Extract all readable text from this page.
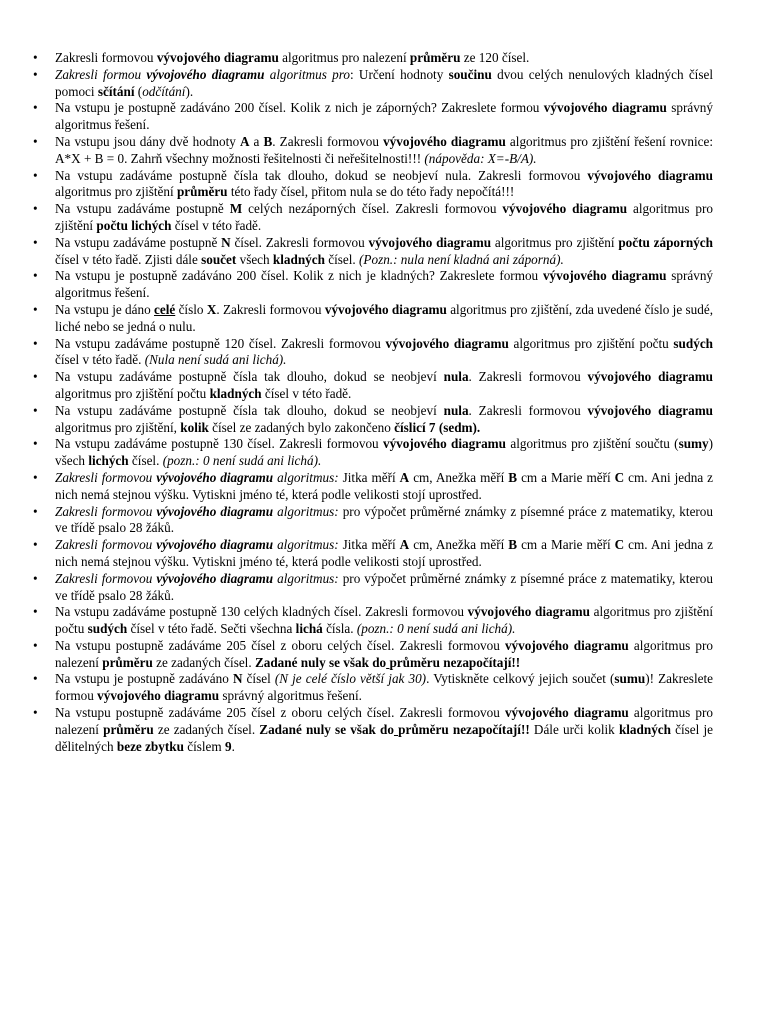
• Zakresli formovou vývojového diagramu algoritmus pro nalezení průměru ze 120 čísel.
• Zakresli formou vývojového diagramu algoritmus pro: Určení hodnoty součinu dvou celých nenulových kladných čísel pomoci sčítání (odčítání).
• Na vstupu je postupně zadáváno 200 čísel. Kolik z nich je záporných? Zakreslete formou vývojového diagramu správný algoritmus řešení.
• Na vstupu jsou dány dvě hodnoty A a B. Zakresli formovou vývojového diagramu algoritmus pro zjištění řešení rovnice: A*X + B = 0. Zahrň všechny možnosti řešitelnosti či neřešitelnosti!!! (nápověda: X=-B/A).
• Na vstupu zadáváme postupně čísla tak dlouho, dokud se neobjeví nula. Zakresli formovou vývojového diagramu algoritmus pro zjištění průměru této řady čísel, přitom nula se do této řady nepočítá!!!
• Na vstupu zadáváme postupně M celých nezáporných čísel. Zakresli formovou vývojového diagramu algoritmus pro zjištění počtu lichých čísel v této řadě.
• Na vstupu zadáváme postupně N čísel. Zakresli formovou vývojového diagramu algoritmus pro zjištění počtu záporných čísel v této řadě. Zjisti dále součet všech kladných čísel. (Pozn.: nula není kladná ani záporná).
• Na vstupu je postupně zadáváno 200 čísel. Kolik z nich je kladných? Zakreslete formou vývojového diagramu správný algoritmus řešení.
• Na vstupu je dáno celé číslo X. Zakresli formovou vývojového diagramu algoritmus pro zjištění, zda uvedené číslo je sudé, liché nebo se jedná o nulu.
• Na vstupu zadáváme postupně 120 čísel. Zakresli formovou vývojového diagramu algoritmus pro zjištění počtu sudých čísel v této řadě. (Nula není sudá ani lichá).
• Na vstupu zadáváme postupně čísla tak dlouho, dokud se neobjeví nula. Zakresli formovou vývojového diagramu algoritmus pro zjištění počtu kladných čísel v této řadě.
• Na vstupu zadáváme postupně čísla tak dlouho, dokud se neobjeví nula. Zakresli formovou vývojového diagramu algoritmus pro zjištění, kolik čísel ze zadaných bylo zakončeno číslicí 7 (sedm).
• Na vstupu zadáváme postupně 130 čísel. Zakresli formovou vývojového diagramu algoritmus pro zjištění součtu (sumy) všech lichých čísel. (pozn.: 0 není sudá ani lichá).
• Zakresli formovou vývojového diagramu algoritmus: Jitka měří A cm, Anežka měří B cm a Marie měří C cm. Ani jedna z nich nemá stejnou výšku. Vytiskni jméno té, která podle velikosti stojí uprostřed.
• Zakresli formovou vývojového diagramu algoritmus: pro výpočet průměrné známky z písemné práce z matematiky, kterou ve třídě psalo 28 žáků.
• Zakresli formovou vývojového diagramu algoritmus: Jitka měří A cm, Anežka měří B cm a Marie měří C cm. Ani jedna z nich nemá stejnou výšku. Vytiskni jméno té, která podle velikosti stojí uprostřed.
• Zakresli formovou vývojového diagramu algoritmus: pro výpočet průměrné známky z písemné práce z matematiky, kterou ve třídě psalo 28 žáků.
• Na vstupu zadáváme postupně 130 celých kladných čísel. Zakresli formovou vývojového diagramu algoritmus pro zjištění počtu sudých čísel v této řadě. Sečti všechna lichá čísla. (pozn.: 0 není sudá ani lichá).
• Na vstupu postupně zadáváme 205 čísel z oboru celých čísel. Zakresli formovou vývojového diagramu algoritmus pro nalezení průměru ze zadaných čísel. Zadané nuly se však do průměru nezapočítají!!
• Na vstupu je postupně zadáváno N čísel (N je celé číslo větší jak 30). Vytiskněte celkový jejich součet (sumu)! Zakreslete formou vývojového diagramu správný algoritmus řešení.
• Na vstupu postupně zadáváme 205 čísel z oboru celých čísel. Zakresli formovou vývojového diagramu algoritmus pro nalezení průměru ze zadaných čísel. Zadané nuly se však do průměru nezapočítají!! Dále urči kolik kladných čísel je dělitelných beze zbytku číslem 9.
